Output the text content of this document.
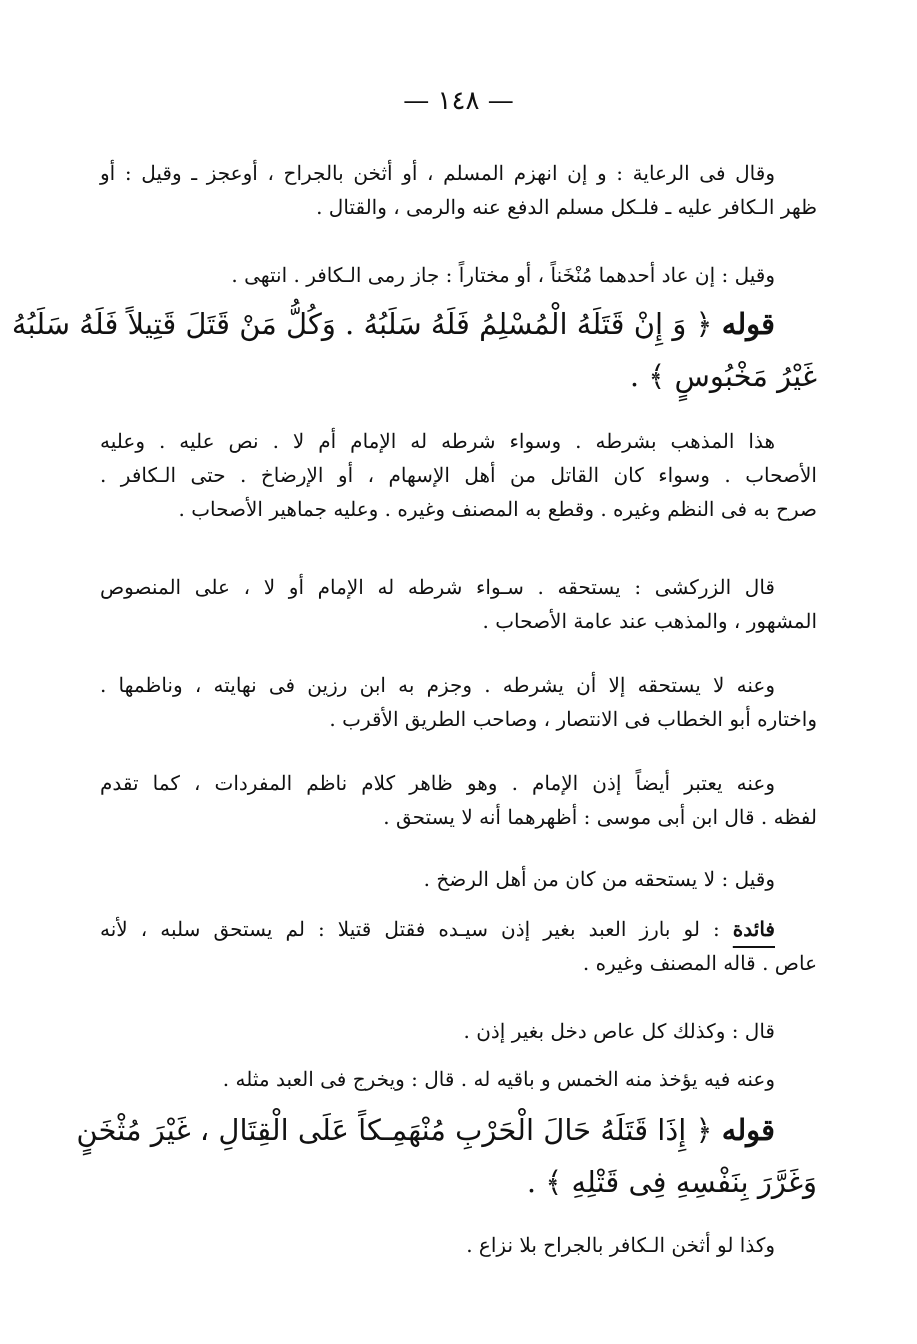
— ١٤٨ —
وقال فى الرعاية : و إن انهزم المسلم ، أو أثخن بالجراح ، أوعجز ـ وقيل : أو
ظهر الـكافر عليه ـ فلـكل مسلم الدفع عنه والرمى ، والقتال .
وقيل : إن عاد أحدهما مُنْخَناً ، أو مختاراً : جاز رمى الـكافر . انتهى .
قوله ﴿ وَ إِنْ قَتَلَهُ الْمُسْلِمُ فَلَهُ سَلَبُهُ . وَكُلُّ مَنْ قَتَلَ قَتِيلاً فَلَهُ سَلَبُهُ
غَيْرُ مَخْبُوسٍ ﴾ .
هذا المذهب بشرطه . وسواء شرطه له الإمام أم لا . نص عليه . وعليه
الأصحاب . وسواء كان القاتل من أهل الإسهام ، أو الإرضاخ . حتى الـكافر .
صرح به فى النظم وغيره . وقطع به المصنف وغيره . وعليه جماهير الأصحاب .
قال الزركشى : يستحقه . سـواء شرطه له الإمام أو لا ، على المنصوص
المشهور ، والمذهب عند عامة الأصحاب .
وعنه لا يستحقه إلا أن يشرطه . وجزم به ابن رزين فى نهايته ، وناظمها .
واختاره أبو الخطاب فى الانتصار ، وصاحب الطريق الأقرب .
وعنه يعتبر أيضاً إذن الإمام . وهو ظاهر كلام ناظم المفردات ، كما تقدم
لفظه . قال ابن أبى موسى : أظهرهما أنه لا يستحق .
وقيل : لا يستحقه من كان من أهل الرضخ .
فائدة : لو بارز العبد بغير إذن سيـده فقتل قتيلا : لم يستحق سلبه ، لأنه
عاص . قاله المصنف وغيره .
قال : وكذلك كل عاص دخل بغير إذن .
وعنه فيه يؤخذ منه الخمس و باقيه له . قال : ويخرج فى العبد مثله .
قوله ﴿ إِذَا قَتَلَهُ حَالَ الْحَرْبِ مُنْهَمِـكاً عَلَى الْقِتَالِ ، غَيْرَ مُثْخَنٍ
وَغَرَّرَ بِنَفْسِهِ فِى قَتْلِهِ ﴾ .
وكذا لو أثخن الـكافر بالجراح بلا نزاع .
